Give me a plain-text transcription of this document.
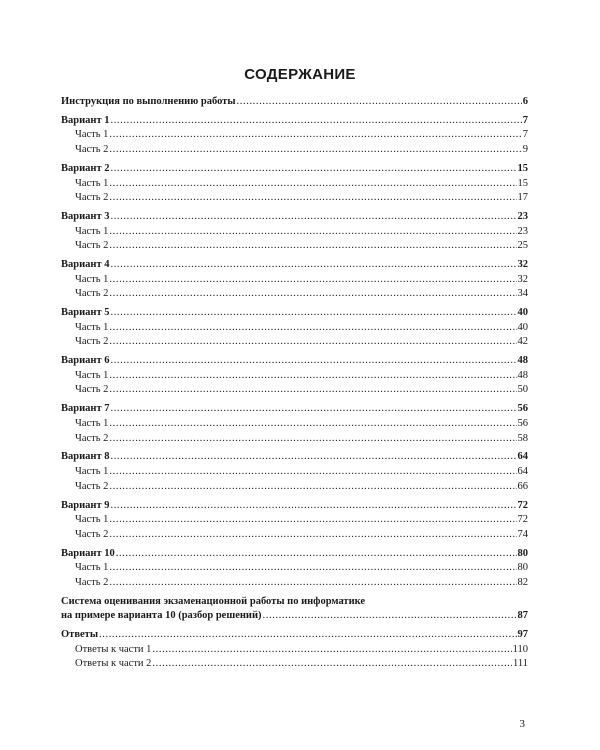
СОДЕРЖАНИЕ
Инструкция по выполнению работы .....	6
Вариант 1 .....	7
Часть 1 .....	7
Часть 2 .....	9
Вариант 2 .....	15
Часть 1 .....	15
Часть 2 .....	17
Вариант 3 .....	23
Часть 1 .....	23
Часть 2 .....	25
Вариант 4 .....	32
Часть 1 .....	32
Часть 2 .....	34
Вариант 5 .....	40
Часть 1 .....	40
Часть 2 .....	42
Вариант 6 .....	48
Часть 1 .....	48
Часть 2 .....	50
Вариант 7 .....	56
Часть 1 .....	56
Часть 2 .....	58
Вариант 8 .....	64
Часть 1 .....	64
Часть 2 .....	66
Вариант 9 .....	72
Часть 1 .....	72
Часть 2 .....	74
Вариант 10 .....	80
Часть 1 .....	80
Часть 2 .....	82
Система оценивания экзаменационной работы по информатике
на примере варианта 10 (разбор решений) .....	87
Ответы .....	97
Ответы к части 1 .....	110
Ответы к части 2 .....	111
3
